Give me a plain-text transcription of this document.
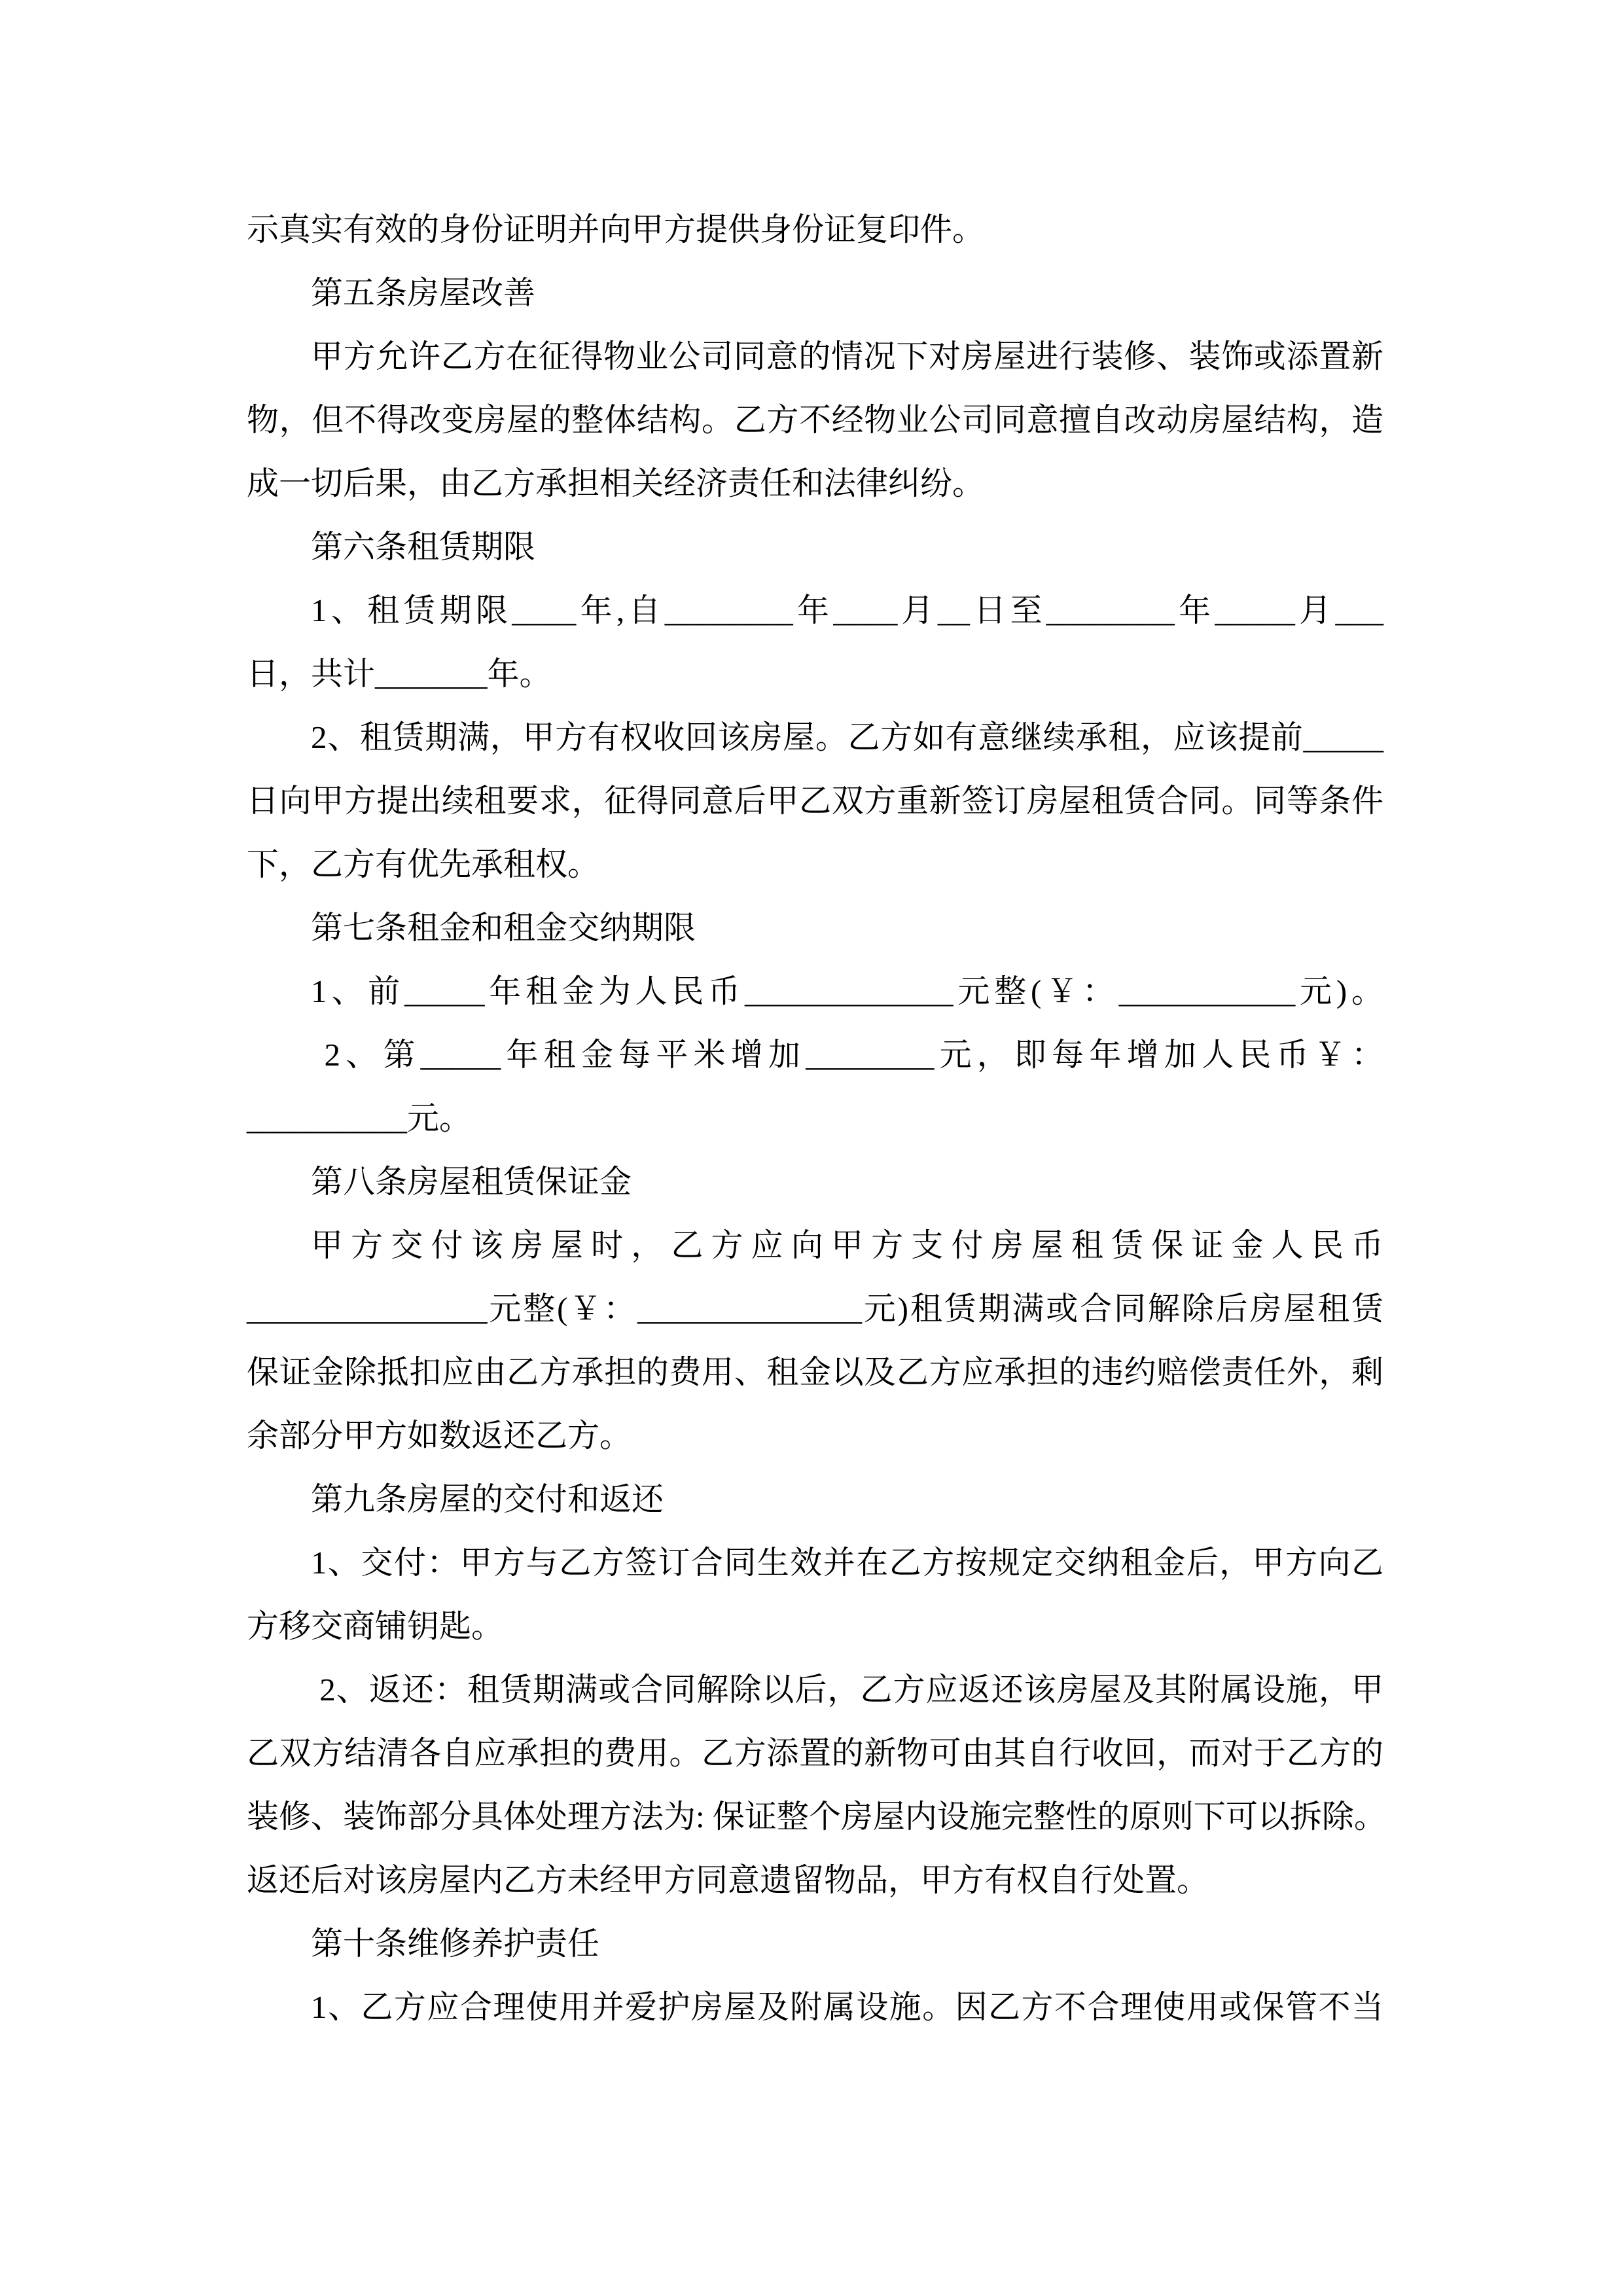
示真实有效的身份证明并向甲方提供身份证复印件。
第五条房屋改善
甲方允许乙方在征得物业公司同意的情况下对房屋进行装修、装饰或添置新
物，但不得改变房屋的整体结构。乙方不经物业公司同意擅自改动房屋结构，造
成一切后果，由乙方承担相关经济责任和法律纠纷。
第六条租赁期限
1、租赁期限____年,自________年____月__日至________年_____月___
日，共计_______年。
2、租赁期满，甲方有权收回该房屋。乙方如有意继续承租，应该提前_____
日向甲方提出续租要求，征得同意后甲乙双方重新签订房屋租赁合同。同等条件
下，乙方有优先承租权。
第七条租金和租金交纳期限
1、前_____年租金为人民币_____________元整(￥：___________元)。
2、第_____年租金每平米增加________元，即每年增加人民币￥：
__________元。
第八条房屋租赁保证金
甲方交付该房屋时，乙方应向甲方支付房屋租赁保证金人民币
_______________元整(￥：______________元)租赁期满或合同解除后房屋租赁
保证金除抵扣应由乙方承担的费用、租金以及乙方应承担的违约赔偿责任外，剩
余部分甲方如数返还乙方。
第九条房屋的交付和返还
1、交付：甲方与乙方签订合同生效并在乙方按规定交纳租金后，甲方向乙
方移交商铺钥匙。
2、返还：租赁期满或合同解除以后，乙方应返还该房屋及其附属设施，甲
乙双方结清各自应承担的费用。乙方添置的新物可由其自行收回，而对于乙方的
装修、装饰部分具体处理方法为: 保证整个房屋内设施完整性的原则下可以拆除。
返还后对该房屋内乙方未经甲方同意遗留物品，甲方有权自行处置。
第十条维修养护责任
1、乙方应合理使用并爱护房屋及附属设施。因乙方不合理使用或保管不当
